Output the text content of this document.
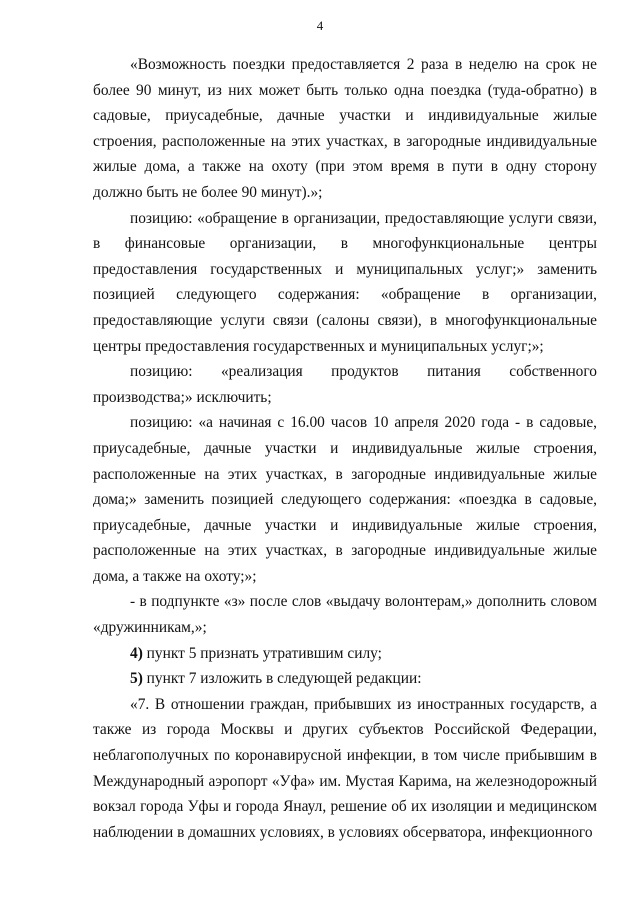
4

«Возможность поездки предоставляется 2 раза в неделю на срок не более 90 минут, из них может быть только одна поездка (туда-обратно) в садовые, приусадебные, дачные участки и индивидуальные жилые строения, расположенные на этих участках, в загородные индивидуальные жилые дома, а также на охоту (при этом время в пути в одну сторону должно быть не более 90 минут).»;

позицию: «обращение в организации, предоставляющие услуги связи, в финансовые организации, в многофункциональные центры предоставления государственных и муниципальных услуг;» заменить позицией следующего содержания: «обращение в организации, предоставляющие услуги связи (салоны связи), в многофункциональные центры предоставления государственных и муниципальных услуг;»;

позицию: «реализация продуктов питания собственного производства;» исключить;

позицию: «а начиная с 16.00 часов 10 апреля 2020 года - в садовые, приусадебные, дачные участки и индивидуальные жилые строения, расположенные на этих участках, в загородные индивидуальные жилые дома;» заменить позицией следующего содержания: «поездка в садовые, приусадебные, дачные участки и индивидуальные жилые строения, расположенные на этих участках, в загородные индивидуальные жилые дома, а также на охоту;»;

- в подпункте «з» после слов «выдачу волонтерам,» дополнить словом «дружинникам,»;

4) пункт 5 признать утратившим силу;

5) пункт 7 изложить в следующей редакции:

«7. В отношении граждан, прибывших из иностранных государств, а также из города Москвы и других субъектов Российской Федерации, неблагополучных по коронавирусной инфекции, в том числе прибывшим в Международный аэропорт «Уфа» им. Мустая Карима, на железнодорожный вокзал города Уфы и города Янаул, решение об их изоляции и медицинском наблюдении в домашних условиях, в условиях обсерватора, инфекционного
